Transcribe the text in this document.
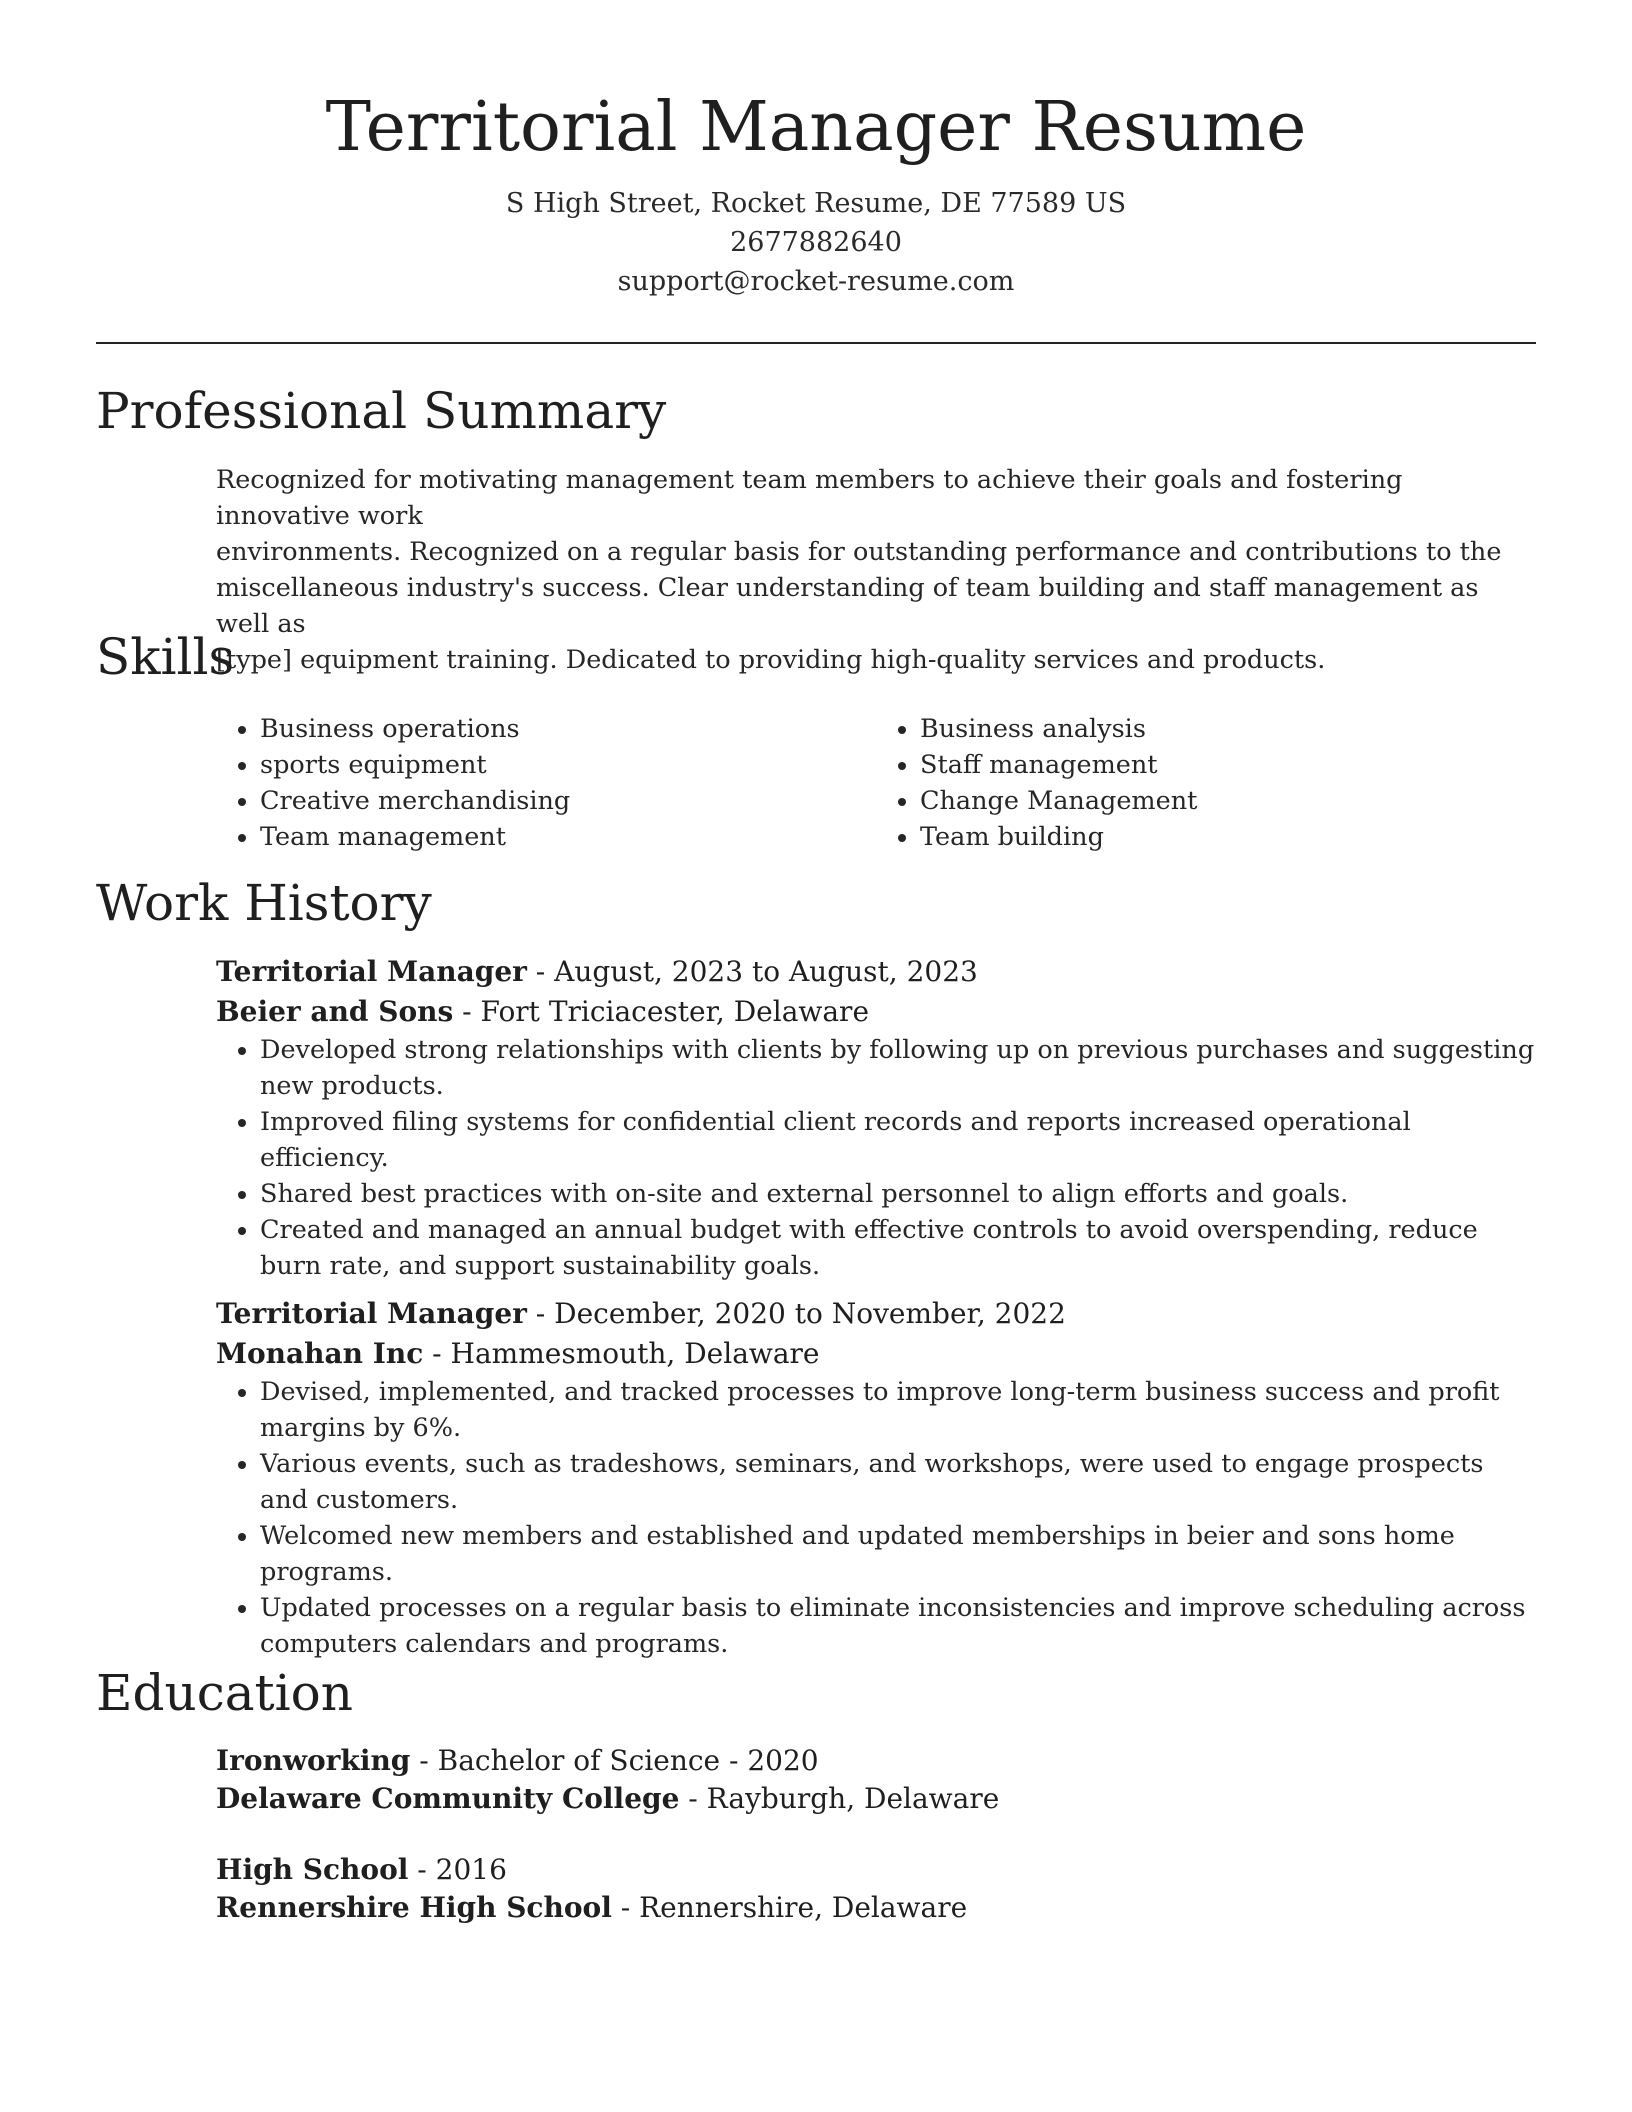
Territorial Manager Resume
S High Street, Rocket Resume, DE 77589 US
2677882640
support@rocket-resume.com
Professional Summary
Recognized for motivating management team members to achieve their goals and fostering innovative work
environments. Recognized on a regular basis for outstanding performance and contributions to the
miscellaneous industry's success. Clear understanding of team building and staff management as well as
[type] equipment training. Dedicated to providing high-quality services and products.
Skills
• Business operations
• sports equipment
• Creative merchandising
• Team management
• Business analysis
• Staff management
• Change Management
• Team building
Work History
Territorial Manager - August, 2023 to August, 2023
Beier and Sons - Fort Triciacester, Delaware
• Developed strong relationships with clients by following up on previous purchases and suggesting new products.
• Improved filing systems for confidential client records and reports increased operational efficiency.
• Shared best practices with on-site and external personnel to align efforts and goals.
• Created and managed an annual budget with effective controls to avoid overspending, reduce burn rate, and support sustainability goals.
Territorial Manager - December, 2020 to November, 2022
Monahan Inc - Hammesmouth, Delaware
• Devised, implemented, and tracked processes to improve long-term business success and profit margins by 6%.
• Various events, such as tradeshows, seminars, and workshops, were used to engage prospects and customers.
• Welcomed new members and established and updated memberships in beier and sons home programs.
• Updated processes on a regular basis to eliminate inconsistencies and improve scheduling across computers calendars and programs.
Education
Ironworking - Bachelor of Science - 2020
Delaware Community College - Rayburgh, Delaware
High School - 2016
Rennershire High School - Rennershire, Delaware
